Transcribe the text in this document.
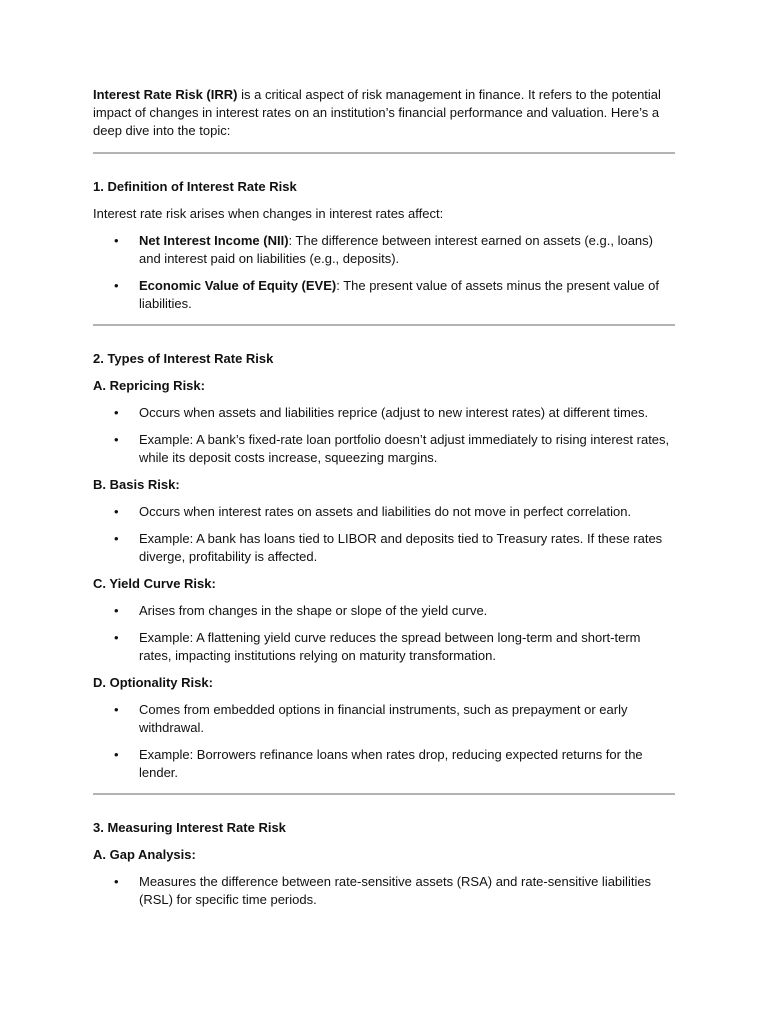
Interest Rate Risk (IRR) is a critical aspect of risk management in finance. It refers to the potential impact of changes in interest rates on an institution’s financial performance and valuation. Here’s a deep dive into the topic:

1. Definition of Interest Rate Risk

Interest rate risk arises when changes in interest rates affect:

• Net Interest Income (NII): The difference between interest earned on assets (e.g., loans) and interest paid on liabilities (e.g., deposits).
• Economic Value of Equity (EVE): The present value of assets minus the present value of liabilities.

2. Types of Interest Rate Risk

A. Repricing Risk:

• Occurs when assets and liabilities reprice (adjust to new interest rates) at different times.
• Example: A bank’s fixed-rate loan portfolio doesn’t adjust immediately to rising interest rates, while its deposit costs increase, squeezing margins.

B. Basis Risk:

• Occurs when interest rates on assets and liabilities do not move in perfect correlation.
• Example: A bank has loans tied to LIBOR and deposits tied to Treasury rates. If these rates diverge, profitability is affected.

C. Yield Curve Risk:

• Arises from changes in the shape or slope of the yield curve.
• Example: A flattening yield curve reduces the spread between long-term and short-term rates, impacting institutions relying on maturity transformation.

D. Optionality Risk:

• Comes from embedded options in financial instruments, such as prepayment or early withdrawal.
• Example: Borrowers refinance loans when rates drop, reducing expected returns for the lender.

3. Measuring Interest Rate Risk

A. Gap Analysis:

• Measures the difference between rate-sensitive assets (RSA) and rate-sensitive liabilities (RSL) for specific time periods.
